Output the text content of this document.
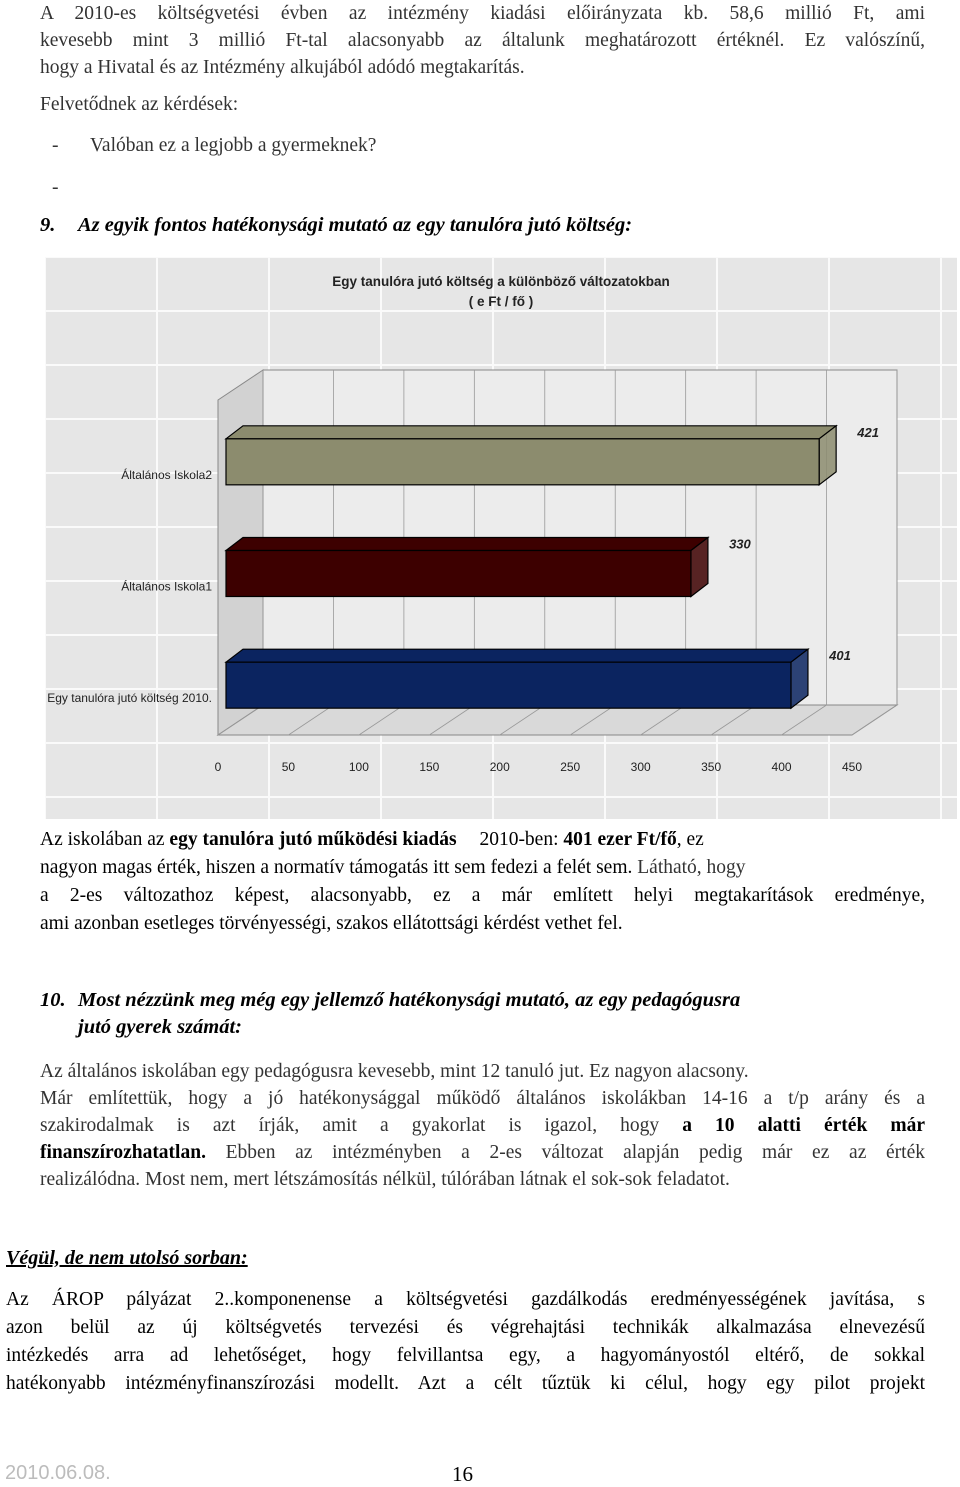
A 2010-es költségvetési évben az intézmény kiadási előirányzata kb. 58,6 millió Ft, ami
kevesebb mint 3 millió Ft-tal alacsonyabb az általunk meghatározott értéknél. Ez valószínű,
hogy a Hivatal és az Intézmény alkujából adódó megtakarítás.
Felvetődnek az kérdések:
- Valóban ez a legjobb a gyermeknek?
-
9. Az egyik fontos hatékonysági mutató az egy tanulóra jutó költség:
0	50	100	150	200	250	300	350	400	450
421
Általános Iskola2
330
Általános Iskola1
401
Egy tanulóra jutó költség 2010.
Egy tanulóra jutó költség a különböző változatokban
( e Ft / fő )
Az iskolában az egy tanulóra jutó működési kiadás 2010-ben: 401 ezer Ft/fő, ez
nagyon magas érték, hiszen a normatív támogatás itt sem fedezi a felét sem. Látható, hogy
a 2-es változathoz képest, alacsonyabb, ez a már említett helyi megtakarítások eredménye,
ami azonban esetleges törvényességi, szakos ellátottsági kérdést vethet fel.
10. Most nézzünk meg még egy jellemző hatékonysági mutató, az egy pedagógusra
jutó gyerek számát:
Az általános iskolában egy pedagógusra kevesebb, mint 12 tanuló jut. Ez nagyon alacsony.
Már említettük, hogy a jó hatékonysággal működő általános iskolákban 14-16 a t/p arány és a
szakirodalmak is azt írják, amit a gyakorlat is igazol, hogy a 10 alatti érték már
finanszírozhatatlan. Ebben az intézményben a 2-es változat alapján pedig már ez az érték
realizálódna. Most nem, mert létszámosítás nélkül, túlórában látnak el sok-sok feladatot.
Végül, de nem utolsó sorban:
Az ÁROP pályázat 2..komponenense a költségvetési gazdálkodás eredményességének javítása, s
azon belül az új költségvetés tervezési és végrehajtási technikák alkalmazása elnevezésű
intézkedés arra ad lehetőséget, hogy felvillantsa egy, a hagyományostól eltérő, de sokkal
hatékonyabb intézményfinanszírozási modellt. Azt a célt tűztük ki célul, hogy egy pilot projekt
2010.06.08.	16
